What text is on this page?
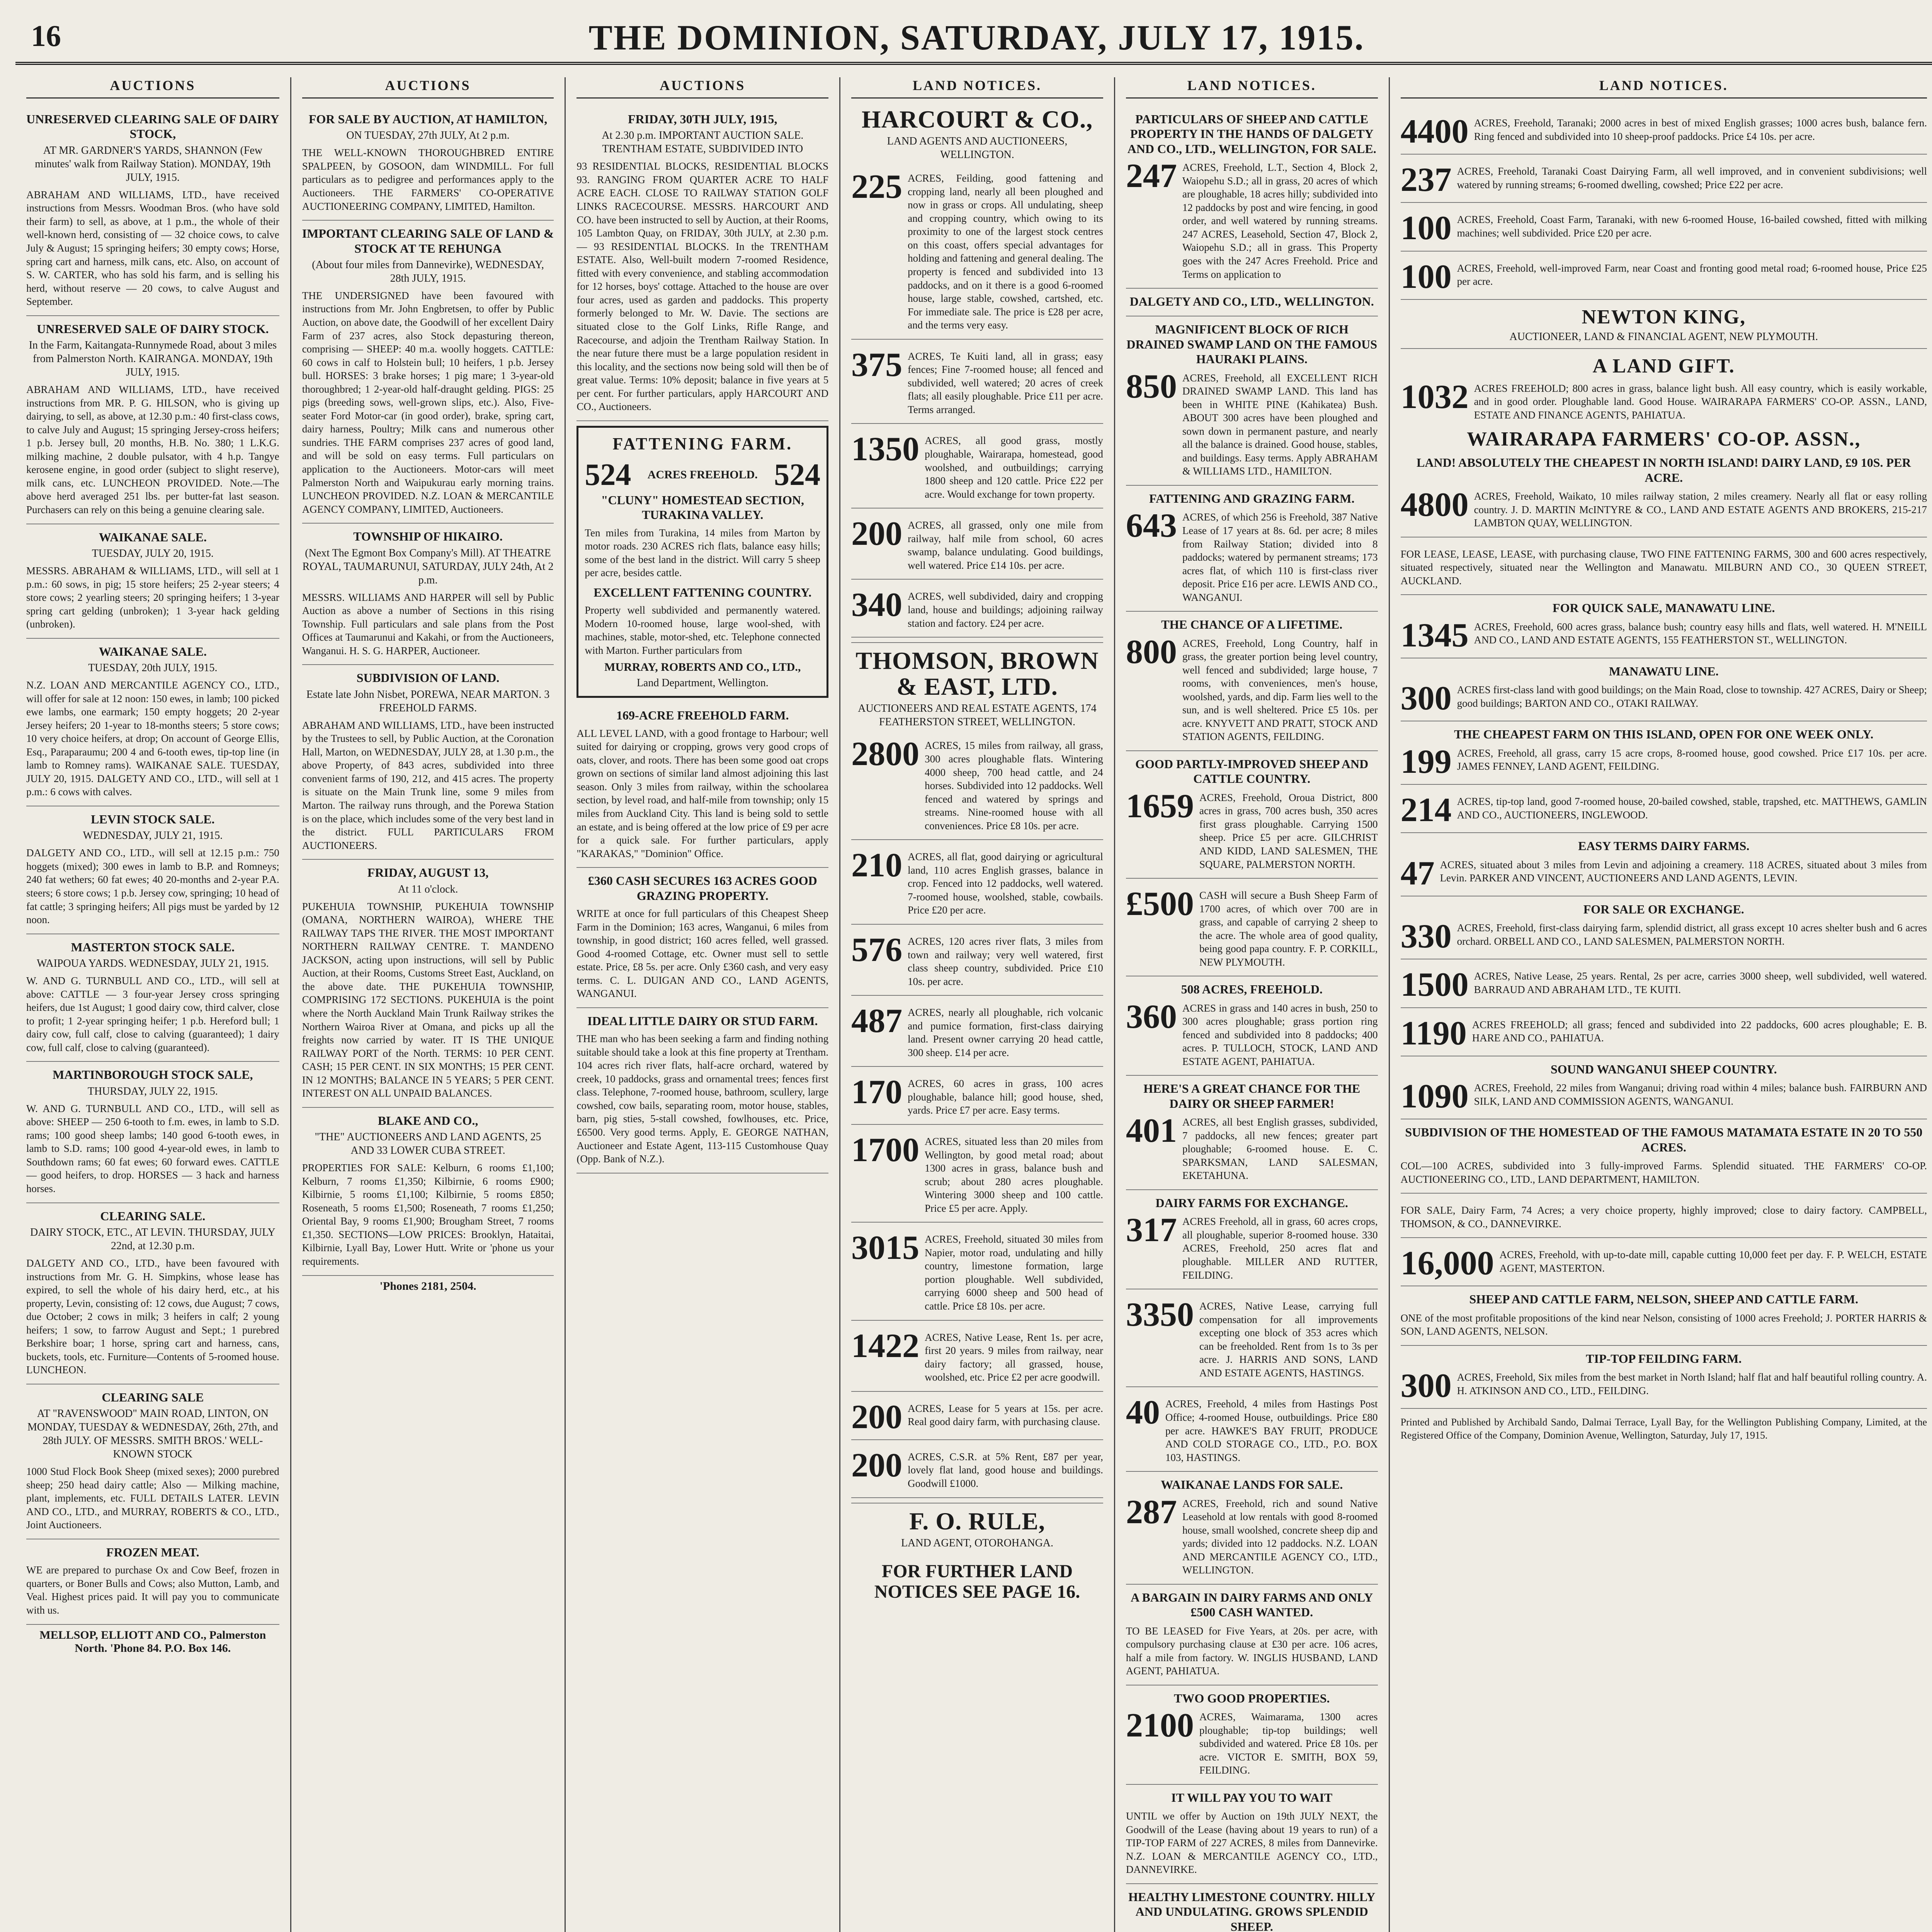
16	THE DOMINION, SATURDAY, JULY 17, 1915.
AUCTIONS
UNRESERVED CLEARING SALE OF DAIRY STOCK,
AT MR. GARDNER'S YARDS, SHANNON (Few minutes' walk from Railway Station). MONDAY, 19th JULY, 1915.
ABRAHAM AND WILLIAMS, LTD., have received instructions from Messrs. Woodman Bros. (who have sold their farm) to sell, as above, at 1 p.m., the whole of their well-known herd, consisting of — 32 choice cows, to calve July & August; 15 springing heifers; 30 empty cows; Horse, spring cart and harness, milk cans, etc. Also, on account of S. W. CARTER, who has sold his farm, and is selling his herd, without reserve — 20 cows, to calve August and September.
UNRESERVED SALE OF DAIRY STOCK.
In the Farm, Kaitangata-Runnymede Road, about 3 miles from Palmerston North. KAIRANGA. MONDAY, 19th JULY, 1915.
ABRAHAM AND WILLIAMS, LTD., have received instructions from MR. P. G. HILSON, who is giving up dairying, to sell, as above, at 12.30 p.m.: 40 first-class cows, to calve July and August; 15 springing Jersey-cross heifers; 1 p.b. Jersey bull, 20 months, H.B. No. 380; 1 L.K.G. milking machine, 2 double pulsator, with 4 h.p. Tangye kerosene engine, in good order (subject to slight reserve), milk cans, etc. LUNCHEON PROVIDED. Note.—The above herd averaged 251 lbs. per butter-fat last season. Purchasers can rely on this being a genuine clearing sale.
WAIKANAE SALE.
TUESDAY, JULY 20, 1915.
MESSRS. ABRAHAM & WILLIAMS, LTD., will sell at 1 p.m.: 60 sows, in pig; 15 store heifers; 25 2-year steers; 4 store cows; 2 yearling steers; 20 springing heifers; 1 3-year spring cart gelding (unbroken); 1 3-year hack gelding (unbroken).
WAIKANAE SALE.
TUESDAY, 20th JULY, 1915.
N.Z. LOAN AND MERCANTILE AGENCY CO., LTD., will offer for sale at 12 noon: 150 ewes, in lamb; 100 picked ewe lambs, one earmark; 150 empty hoggets; 20 2-year Jersey heifers; 20 1-year to 18-months steers; 5 store cows; 10 very choice heifers, at drop; On account of George Ellis, Esq., Paraparaumu; 200 4 and 6-tooth ewes, tip-top line (in lamb to Romney rams). WAIKANAE SALE. TUESDAY, JULY 20, 1915. DALGETY AND CO., LTD., will sell at 1 p.m.: 6 cows with calves.
LEVIN STOCK SALE.
WEDNESDAY, JULY 21, 1915.
DALGETY AND CO., LTD., will sell at 12.15 p.m.: 750 hoggets (mixed); 300 ewes in lamb to B.P. and Romneys; 240 fat wethers; 60 fat ewes; 40 20-months and 2-year P.A. steers; 6 store cows; 1 p.b. Jersey cow, springing; 10 head of fat cattle; 3 springing heifers; All pigs must be yarded by 12 noon.
MASTERTON STOCK SALE.
WAIPOUA YARDS. WEDNESDAY, JULY 21, 1915.
W. AND G. TURNBULL AND CO., LTD., will sell at above: CATTLE — 3 four-year Jersey cross springing heifers, due 1st August; 1 good dairy cow, third calver, close to profit; 1 2-year springing heifer; 1 p.b. Hereford bull; 1 dairy cow, full calf, close to calving (guaranteed); 1 dairy cow, full calf, close to calving (guaranteed).
MARTINBOROUGH STOCK SALE,
THURSDAY, JULY 22, 1915.
W. AND G. TURNBULL AND CO., LTD., will sell as above: SHEEP — 250 6-tooth to f.m. ewes, in lamb to S.D. rams; 100 good sheep lambs; 140 good 6-tooth ewes, in lamb to S.D. rams; 100 good 4-year-old ewes, in lamb to Southdown rams; 60 fat ewes; 60 forward ewes. CATTLE — good heifers, to drop. HORSES — 3 hack and harness horses.
CLEARING SALE.
DAIRY STOCK, ETC., AT LEVIN. THURSDAY, JULY 22nd, at 12.30 p.m.
DALGETY AND CO., LTD., have been favoured with instructions from Mr. G. H. Simpkins, whose lease has expired, to sell the whole of his dairy herd, etc., at his property, Levin, consisting of: 12 cows, due August; 7 cows, due October; 2 cows in milk; 3 heifers in calf; 2 young heifers; 1 sow, to farrow August and Sept.; 1 purebred Berkshire boar; 1 horse, spring cart and harness, cans, buckets, tools, etc. Furniture—Contents of 5-roomed house. LUNCHEON.
CLEARING SALE
AT "RAVENSWOOD" MAIN ROAD, LINTON, ON MONDAY, TUESDAY & WEDNESDAY, 26th, 27th, and 28th JULY. OF MESSRS. SMITH BROS.' WELL-KNOWN STOCK
1000 Stud Flock Book Sheep (mixed sexes); 2000 purebred sheep; 250 head dairy cattle; Also — Milking machine, plant, implements, etc. FULL DETAILS LATER. LEVIN AND CO., LTD., and MURRAY, ROBERTS & CO., LTD., Joint Auctioneers.
FROZEN MEAT.
WE are prepared to purchase Ox and Cow Beef, frozen in quarters, or Boner Bulls and Cows; also Mutton, Lamb, and Veal. Highest prices paid. It will pay you to communicate with us.
MELLSOP, ELLIOTT AND CO., Palmerston North. 'Phone 84. P.O. Box 146.
AUCTIONS
FOR SALE BY AUCTION, AT HAMILTON,
ON TUESDAY, 27th JULY, At 2 p.m.
THE WELL-KNOWN THOROUGHBRED ENTIRE SPALPEEN, by GOSOON, dam WINDMILL. For full particulars as to pedigree and performances apply to the Auctioneers. THE FARMERS' CO-OPERATIVE AUCTIONEERING COMPANY, LIMITED, Hamilton.
IMPORTANT CLEARING SALE OF LAND & STOCK AT TE REHUNGA
(About four miles from Dannevirke), WEDNESDAY, 28th JULY, 1915.
THE UNDERSIGNED have been favoured with instructions from Mr. John Engbretsen, to offer by Public Auction, on above date, the Goodwill of her excellent Dairy Farm of 237 acres, also Stock depasturing thereon, comprising — SHEEP: 40 m.a. woolly hoggets. CATTLE: 60 cows in calf to Holstein bull; 10 heifers, 1 p.b. Jersey bull. HORSES: 3 brake horses; 1 pig mare; 1 3-year-old thoroughbred; 1 2-year-old half-draught gelding. PIGS: 25 pigs (breeding sows, well-grown slips, etc.). Also, Five-seater Ford Motor-car (in good order), brake, spring cart, dairy harness, Poultry; Milk cans and numerous other sundries. THE FARM comprises 237 acres of good land, and will be sold on easy terms. Full particulars on application to the Auctioneers. Motor-cars will meet Palmerston North and Waipukurau early morning trains. LUNCHEON PROVIDED. N.Z. LOAN & MERCANTILE AGENCY COMPANY, LIMITED, Auctioneers.
TOWNSHIP OF HIKAIRO.
(Next The Egmont Box Company's Mill). AT THEATRE ROYAL, TAUMARUNUI, SATURDAY, JULY 24th, At 2 p.m.
MESSRS. WILLIAMS AND HARPER will sell by Public Auction as above a number of Sections in this rising Township. Full particulars and sale plans from the Post Offices at Taumarunui and Kakahi, or from the Auctioneers, Wanganui. H. S. G. HARPER, Auctioneer.
SUBDIVISION OF LAND.
Estate late John Nisbet, POREWA, NEAR MARTON. 3 FREEHOLD FARMS.
ABRAHAM AND WILLIAMS, LTD., have been instructed by the Trustees to sell, by Public Auction, at the Coronation Hall, Marton, on WEDNESDAY, JULY 28, at 1.30 p.m., the above Property, of 843 acres, subdivided into three convenient farms of 190, 212, and 415 acres. The property is situate on the Main Trunk line, some 9 miles from Marton. The railway runs through, and the Porewa Station is on the place, which includes some of the very best land in the district. FULL PARTICULARS FROM AUCTIONEERS.
FRIDAY, AUGUST 13,
At 11 o'clock.
PUKEHUIA TOWNSHIP, PUKEHUIA TOWNSHIP (OMANA, NORTHERN WAIROA), WHERE THE RAILWAY TAPS THE RIVER. THE MOST IMPORTANT NORTHERN RAILWAY CENTRE. T. MANDENO JACKSON, acting upon instructions, will sell by Public Auction, at their Rooms, Customs Street East, Auckland, on the above date. THE PUKEHUIA TOWNSHIP, COMPRISING 172 SECTIONS. PUKEHUIA is the point where the North Auckland Main Trunk Railway strikes the Northern Wairoa River at Omana, and picks up all the freights now carried by water. IT IS THE UNIQUE RAILWAY PORT of the North. TERMS: 10 PER CENT. CASH; 15 PER CENT. IN SIX MONTHS; 15 PER CENT. IN 12 MONTHS; BALANCE IN 5 YEARS; 5 PER CENT. INTEREST ON ALL UNPAID BALANCES.
BLAKE AND CO.,
"THE" AUCTIONEERS AND LAND AGENTS, 25 AND 33 LOWER CUBA STREET.
PROPERTIES FOR SALE: Kelburn, 6 rooms £1,100; Kelburn, 7 rooms £1,350; Kilbirnie, 6 rooms £900; Kilbirnie, 5 rooms £1,100; Kilbirnie, 5 rooms £850; Roseneath, 5 rooms £1,500; Roseneath, 7 rooms £1,250; Oriental Bay, 9 rooms £1,900; Brougham Street, 7 rooms £1,350. SECTIONS—LOW PRICES: Brooklyn, Hataitai, Kilbirnie, Lyall Bay, Lower Hutt. Write or 'phone us your requirements.
'Phones 2181, 2504.
AUCTIONS
FRIDAY, 30TH JULY, 1915,
At 2.30 p.m. IMPORTANT AUCTION SALE. TRENTHAM ESTATE, SUBDIVIDED INTO
93 RESIDENTIAL BLOCKS, RESIDENTIAL BLOCKS 93. RANGING FROM QUARTER ACRE TO HALF ACRE EACH. CLOSE TO RAILWAY STATION GOLF LINKS RACECOURSE. MESSRS. HARCOURT AND CO. have been instructed to sell by Auction, at their Rooms, 105 Lambton Quay, on FRIDAY, 30th JULY, at 2.30 p.m. — 93 RESIDENTIAL BLOCKS. In the TRENTHAM ESTATE. Also, Well-built modern 7-roomed Residence, fitted with every convenience, and stabling accommodation for 12 horses, boys' cottage. Attached to the house are over four acres, used as garden and paddocks. This property formerly belonged to Mr. W. Davie. The sections are situated close to the Golf Links, Rifle Range, and Racecourse, and adjoin the Trentham Railway Station. In the near future there must be a large population resident in this locality, and the sections now being sold will then be of great value. Terms: 10% deposit; balance in five years at 5 per cent. For further particulars, apply HARCOURT AND CO., Auctioneers.
FATTENING FARM.
524 ACRES FREEHOLD. 524
"CLUNY" HOMESTEAD SECTION, TURAKINA VALLEY.
Ten miles from Turakina, 14 miles from Marton by motor roads. 230 ACRES rich flats, balance easy hills; some of the best land in the district. Will carry 5 sheep per acre, besides cattle.
EXCELLENT FATTENING COUNTRY.
Property well subdivided and permanently watered. Modern 10-roomed house, large wool-shed, with machines, stable, motor-shed, etc. Telephone connected with Marton. Further particulars from
MURRAY, ROBERTS AND CO., LTD.,
Land Department, Wellington.
169-ACRE FREEHOLD FARM.
ALL LEVEL LAND, with a good frontage to Harbour; well suited for dairying or cropping, grows very good crops of oats, clover, and roots. There has been some good oat crops grown on sections of similar land almost adjoining this last season. Only 3 miles from railway, within the schoolarea section, by level road, and half-mile from township; only 15 miles from Auckland City. This land is being sold to settle an estate, and is being offered at the low price of £9 per acre for a quick sale. For further particulars, apply "KARAKAS," "Dominion" Office.
£360 CASH SECURES 163 ACRES GOOD GRAZING PROPERTY.
WRITE at once for full particulars of this Cheapest Sheep Farm in the Dominion; 163 acres, Wanganui, 6 miles from township, in good district; 160 acres felled, well grassed. Good 4-roomed Cottage, etc. Owner must sell to settle estate. Price, £8 5s. per acre. Only £360 cash, and very easy terms. C. L. DUIGAN AND CO., LAND AGENTS, WANGANUI.
IDEAL LITTLE DAIRY OR STUD FARM.
THE man who has been seeking a farm and finding nothing suitable should take a look at this fine property at Trentham. 104 acres rich river flats, half-acre orchard, watered by creek, 10 paddocks, grass and ornamental trees; fences first class. Telephone, 7-roomed house, bathroom, scullery, large cowshed, cow bails, separating room, motor house, stables, barn, pig sties, 5-stall cowshed, fowlhouses, etc. Price, £6500. Very good terms. Apply, E. GEORGE NATHAN, Auctioneer and Estate Agent, 113-115 Customhouse Quay (Opp. Bank of N.Z.).
LAND NOTICES.
HARCOURT & CO.,
LAND AGENTS AND AUCTIONEERS, WELLINGTON.
225 ACRES, Feilding, good fattening and cropping land, nearly all been ploughed and now in grass or crops. All undulating, sheep and cropping country, which owing to its proximity to one of the largest stock centres on this coast, offers special advantages for holding and fattening and general dealing. The property is fenced and subdivided into 13 paddocks, and on it there is a good 6-roomed house, large stable, cowshed, cartshed, etc. For immediate sale. The price is £28 per acre, and the terms very easy.
375 ACRES, Te Kuiti land, all in grass; easy fences; Fine 7-roomed house; all fenced and subdivided, well watered; 20 acres of creek flats; all easily ploughable. Price £11 per acre. Terms arranged.
1350 ACRES, all good grass, mostly ploughable, Wairarapa, homestead, good woolshed, and outbuildings; carrying 1800 sheep and 120 cattle. Price £22 per acre. Would exchange for town property.
200 ACRES, all grassed, only one mile from railway, half mile from school, 60 acres swamp, balance undulating. Good buildings, well watered. Price £14 10s. per acre.
340 ACRES, well subdivided, dairy and cropping land, house and buildings; adjoining railway station and factory. £24 per acre.
THOMSON, BROWN & EAST, LTD.
AUCTIONEERS AND REAL ESTATE AGENTS, 174 FEATHERSTON STREET, WELLINGTON.
2800 ACRES, 15 miles from railway, all grass, 300 acres ploughable flats. Wintering 4000 sheep, 700 head cattle, and 24 horses. Subdivided into 12 paddocks. Well fenced and watered by springs and streams. Nine-roomed house with all conveniences. Price £8 10s. per acre.
210 ACRES, all flat, good dairying or agricultural land, 110 acres English grasses, balance in crop. Fenced into 12 paddocks, well watered. 7-roomed house, woolshed, stable, cowbails. Price £20 per acre.
576 ACRES, 120 acres river flats, 3 miles from town and railway; very well watered, first class sheep country, subdivided. Price £10 10s. per acre.
487 ACRES, nearly all ploughable, rich volcanic and pumice formation, first-class dairying land. Present owner carrying 20 head cattle, 300 sheep. £14 per acre.
170 ACRES, 60 acres in grass, 100 acres ploughable, balance hill; good house, shed, yards. Price £7 per acre. Easy terms.
1700 ACRES, situated less than 20 miles from Wellington, by good metal road; about 1300 acres in grass, balance bush and scrub; about 280 acres ploughable. Wintering 3000 sheep and 100 cattle. Price £5 per acre. Apply.
3015 ACRES, Freehold, situated 30 miles from Napier, motor road, undulating and hilly country, limestone formation, large portion ploughable. Well subdivided, carrying 6000 sheep and 500 head of cattle. Price £8 10s. per acre.
1422 ACRES, Native Lease, Rent 1s. per acre, first 20 years. 9 miles from railway, near dairy factory; all grassed, house, woolshed, etc. Price £2 per acre goodwill.
200 ACRES, Lease for 5 years at 15s. per acre. Real good dairy farm, with purchasing clause.
200 ACRES, C.S.R. at 5% Rent, £87 per year, lovely flat land, good house and buildings. Goodwill £1000.
F. O. RULE,
LAND AGENT, OTOROHANGA.
FOR FURTHER LAND NOTICES SEE PAGE 16.
LAND NOTICES.
PARTICULARS OF SHEEP AND CATTLE PROPERTY IN THE HANDS OF DALGETY AND CO., LTD., WELLINGTON, FOR SALE.
247 ACRES, Freehold, L.T., Section 4, Block 2, Waiopehu S.D.; all in grass, 20 acres of which are ploughable, 18 acres hilly; subdivided into 12 paddocks by post and wire fencing, in good order, and well watered by running streams. 247 ACRES, Leasehold, Section 47, Block 2, Waiopehu S.D.; all in grass. This Property goes with the 247 Acres Freehold. Price and Terms on application to
DALGETY AND CO., LTD., WELLINGTON.
MAGNIFICENT BLOCK OF RICH DRAINED SWAMP LAND ON THE FAMOUS HAURAKI PLAINS.
850 ACRES, Freehold, all EXCELLENT RICH DRAINED SWAMP LAND. This land has been in WHITE PINE (Kahikatea) Bush. ABOUT 300 acres have been ploughed and sown down in permanent pasture, and nearly all the balance is drained. Good house, stables, and buildings. Easy terms. Apply ABRAHAM & WILLIAMS LTD., HAMILTON.
FATTENING AND GRAZING FARM.
643 ACRES, of which 256 is Freehold, 387 Native Lease of 17 years at 8s. 6d. per acre; 8 miles from Railway Station; divided into 8 paddocks; watered by permanent streams; 173 acres flat, of which 110 is first-class river deposit. Price £16 per acre. LEWIS AND CO., WANGANUI.
THE CHANCE OF A LIFETIME.
800 ACRES, Freehold, Long Country, half in grass, the greater portion being level country, well fenced and subdivided; large house, 7 rooms, with conveniences, men's house, woolshed, yards, and dip. Farm lies well to the sun, and is well sheltered. Price £5 10s. per acre. KNYVETT AND PRATT, STOCK AND STATION AGENTS, FEILDING.
GOOD PARTLY-IMPROVED SHEEP AND CATTLE COUNTRY.
1659 ACRES, Freehold, Oroua District, 800 acres in grass, 700 acres bush, 350 acres first grass ploughable. Carrying 1500 sheep. Price £5 per acre. GILCHRIST AND KIDD, LAND SALESMEN, THE SQUARE, PALMERSTON NORTH.
£500 CASH will secure a Bush Sheep Farm of 1700 acres, of which over 700 are in grass, and capable of carrying 2 sheep to the acre. The whole area of good quality, being good papa country. F. P. CORKILL, NEW PLYMOUTH.
508 ACRES, FREEHOLD.
360 ACRES in grass and 140 acres in bush, 250 to 300 acres ploughable; grass portion ring fenced and subdivided into 8 paddocks; 400 acres. P. TULLOCH, STOCK, LAND AND ESTATE AGENT, PAHIATUA.
HERE'S A GREAT CHANCE FOR THE DAIRY OR SHEEP FARMER!
401 ACRES, all best English grasses, subdivided, 7 paddocks, all new fences; greater part ploughable; 6-roomed house. E. C. SPARKSMAN, LAND SALESMAN, EKETAHUNA.
DAIRY FARMS FOR EXCHANGE.
317 ACRES Freehold, all in grass, 60 acres crops, all ploughable, superior 8-roomed house. 330 ACRES, Freehold, 250 acres flat and ploughable. MILLER AND RUTTER, FEILDING.
3350 ACRES, Native Lease, carrying full compensation for all improvements excepting one block of 353 acres which can be freeholded. Rent from 1s to 3s per acre. J. HARRIS AND SONS, LAND AND ESTATE AGENTS, HASTINGS.
40 ACRES, Freehold, 4 miles from Hastings Post Office; 4-roomed House, outbuildings. Price £80 per acre. HAWKE'S BAY FRUIT, PRODUCE AND COLD STORAGE CO., LTD., P.O. BOX 103, HASTINGS.
WAIKANAE LANDS FOR SALE.
287 ACRES, Freehold, rich and sound Native Leasehold at low rentals with good 8-roomed house, small woolshed, concrete sheep dip and yards; divided into 12 paddocks. N.Z. LOAN AND MERCANTILE AGENCY CO., LTD., WELLINGTON.
A BARGAIN IN DAIRY FARMS AND ONLY £500 CASH WANTED.
TO BE LEASED for Five Years, at 20s. per acre, with compulsory purchasing clause at £30 per acre. 106 acres, half a mile from factory. W. INGLIS HUSBAND, LAND AGENT, PAHIATUA.
TWO GOOD PROPERTIES.
2100 ACRES, Waimarama, 1300 acres ploughable; tip-top buildings; well subdivided and watered. Price £8 10s. per acre. VICTOR E. SMITH, BOX 59, FEILDING.
IT WILL PAY YOU TO WAIT
UNTIL we offer by Auction on 19th JULY NEXT, the Goodwill of the Lease (having about 19 years to run) of a TIP-TOP FARM of 227 ACRES, 8 miles from Dannevirke. N.Z. LOAN & MERCANTILE AGENCY CO., LTD., DANNEVIRKE.
HEALTHY LIMESTONE COUNTRY. HILLY AND UNDULATING. GROWS SPLENDID SHEEP.
LAND NOTICES.
4400 ACRES, Freehold, Taranaki; 2000 acres in best of mixed English grasses; 1000 acres bush, balance fern. Ring fenced and subdivided into 10 sheep-proof paddocks. Price £4 10s. per acre.
237 ACRES, Freehold, Taranaki Coast Dairying Farm, all well improved, and in convenient subdivisions; well watered by running streams; 6-roomed dwelling, cowshed; Price £22 per acre.
100 ACRES, Freehold, Coast Farm, Taranaki, with new 6-roomed House, 16-bailed cowshed, fitted with milking machines; well subdivided. Price £20 per acre.
100 ACRES, Freehold, well-improved Farm, near Coast and fronting good metal road; 6-roomed house, Price £25 per acre.
NEWTON KING,
AUCTIONEER, LAND & FINANCIAL AGENT, NEW PLYMOUTH.
A LAND GIFT.
1032 ACRES FREEHOLD; 800 acres in grass, balance light bush. All easy country, which is easily workable, and in good order. Ploughable land. Good House. WAIRARAPA FARMERS' CO-OP. ASSN., LAND, ESTATE AND FINANCE AGENTS, PAHIATUA.
WAIRARAPA FARMERS' CO-OP. ASSN.,
LAND! ABSOLUTELY THE CHEAPEST IN NORTH ISLAND! DAIRY LAND, £9 10S. PER ACRE.
4800 ACRES, Freehold, Waikato, 10 miles railway station, 2 miles creamery. Nearly all flat or easy rolling country. J. D. MARTIN McINTYRE & CO., LAND AND ESTATE AGENTS AND BROKERS, 215-217 LAMBTON QUAY, WELLINGTON.
FOR LEASE, LEASE, LEASE, with purchasing clause, TWO FINE FATTENING FARMS, 300 and 600 acres respectively, situated respectively, situated near the Wellington and Manawatu. MILBURN AND CO., 30 QUEEN STREET, AUCKLAND.
FOR QUICK SALE, MANAWATU LINE.
1345 ACRES, Freehold, 600 acres grass, balance bush; country easy hills and flats, well watered. H. M'NEILL AND CO., LAND AND ESTATE AGENTS, 155 FEATHERSTON ST., WELLINGTON.
MANAWATU LINE.
300 ACRES first-class land with good buildings; on the Main Road, close to township. 427 ACRES, Dairy or Sheep; good buildings; BARTON AND CO., OTAKI RAILWAY.
THE CHEAPEST FARM ON THIS ISLAND, OPEN FOR ONE WEEK ONLY.
199 ACRES, Freehold, all grass, carry 15 acre crops, 8-roomed house, good cowshed. Price £17 10s. per acre. JAMES FENNEY, LAND AGENT, FEILDING.
214 ACRES, tip-top land, good 7-roomed house, 20-bailed cowshed, stable, trapshed, etc. MATTHEWS, GAMLIN AND CO., AUCTIONEERS, INGLEWOOD.
EASY TERMS DAIRY FARMS.
47 ACRES, situated about 3 miles from Levin and adjoining a creamery. 118 ACRES, situated about 3 miles from Levin. PARKER AND VINCENT, AUCTIONEERS AND LAND AGENTS, LEVIN.
FOR SALE OR EXCHANGE.
330 ACRES, Freehold, first-class dairying farm, splendid district, all grass except 10 acres shelter bush and 6 acres orchard. ORBELL AND CO., LAND SALESMEN, PALMERSTON NORTH.
1500 ACRES, Native Lease, 25 years. Rental, 2s per acre, carries 3000 sheep, well subdivided, well watered. BARRAUD AND ABRAHAM LTD., TE KUITI.
1190 ACRES FREEHOLD; all grass; fenced and subdivided into 22 paddocks, 600 acres ploughable; E. B. HARE AND CO., PAHIATUA.
SOUND WANGANUI SHEEP COUNTRY.
1090 ACRES, Freehold, 22 miles from Wanganui; driving road within 4 miles; balance bush. FAIRBURN AND SILK, LAND AND COMMISSION AGENTS, WANGANUI.
SUBDIVISION OF THE HOMESTEAD OF THE FAMOUS MATAMATA ESTATE IN 20 TO 550 ACRES.
COL—100 ACRES, subdivided into 3 fully-improved Farms. Splendid situated. THE FARMERS' CO-OP. AUCTIONEERING CO., LTD., LAND DEPARTMENT, HAMILTON.
FOR SALE, Dairy Farm, 74 Acres; a very choice property, highly improved; close to dairy factory. CAMPBELL, THOMSON, & CO., DANNEVIRKE.
16,000 ACRES, Freehold, with up-to-date mill, capable cutting 10,000 feet per day. F. P. WELCH, ESTATE AGENT, MASTERTON.
SHEEP AND CATTLE FARM, NELSON, SHEEP AND CATTLE FARM.
ONE of the most profitable propositions of the kind near Nelson, consisting of 1000 acres Freehold; J. PORTER HARRIS & SON, LAND AGENTS, NELSON.
TIP-TOP FEILDING FARM.
300 ACRES, Freehold, Six miles from the best market in North Island; half flat and half beautiful rolling country. A. H. ATKINSON AND CO., LTD., FEILDING.
Printed and Published by Archibald Sando, Dalmai Terrace, Lyall Bay, for the Wellington Publishing Company, Limited, at the Registered Office of the Company, Dominion Avenue, Wellington, Saturday, July 17, 1915.
